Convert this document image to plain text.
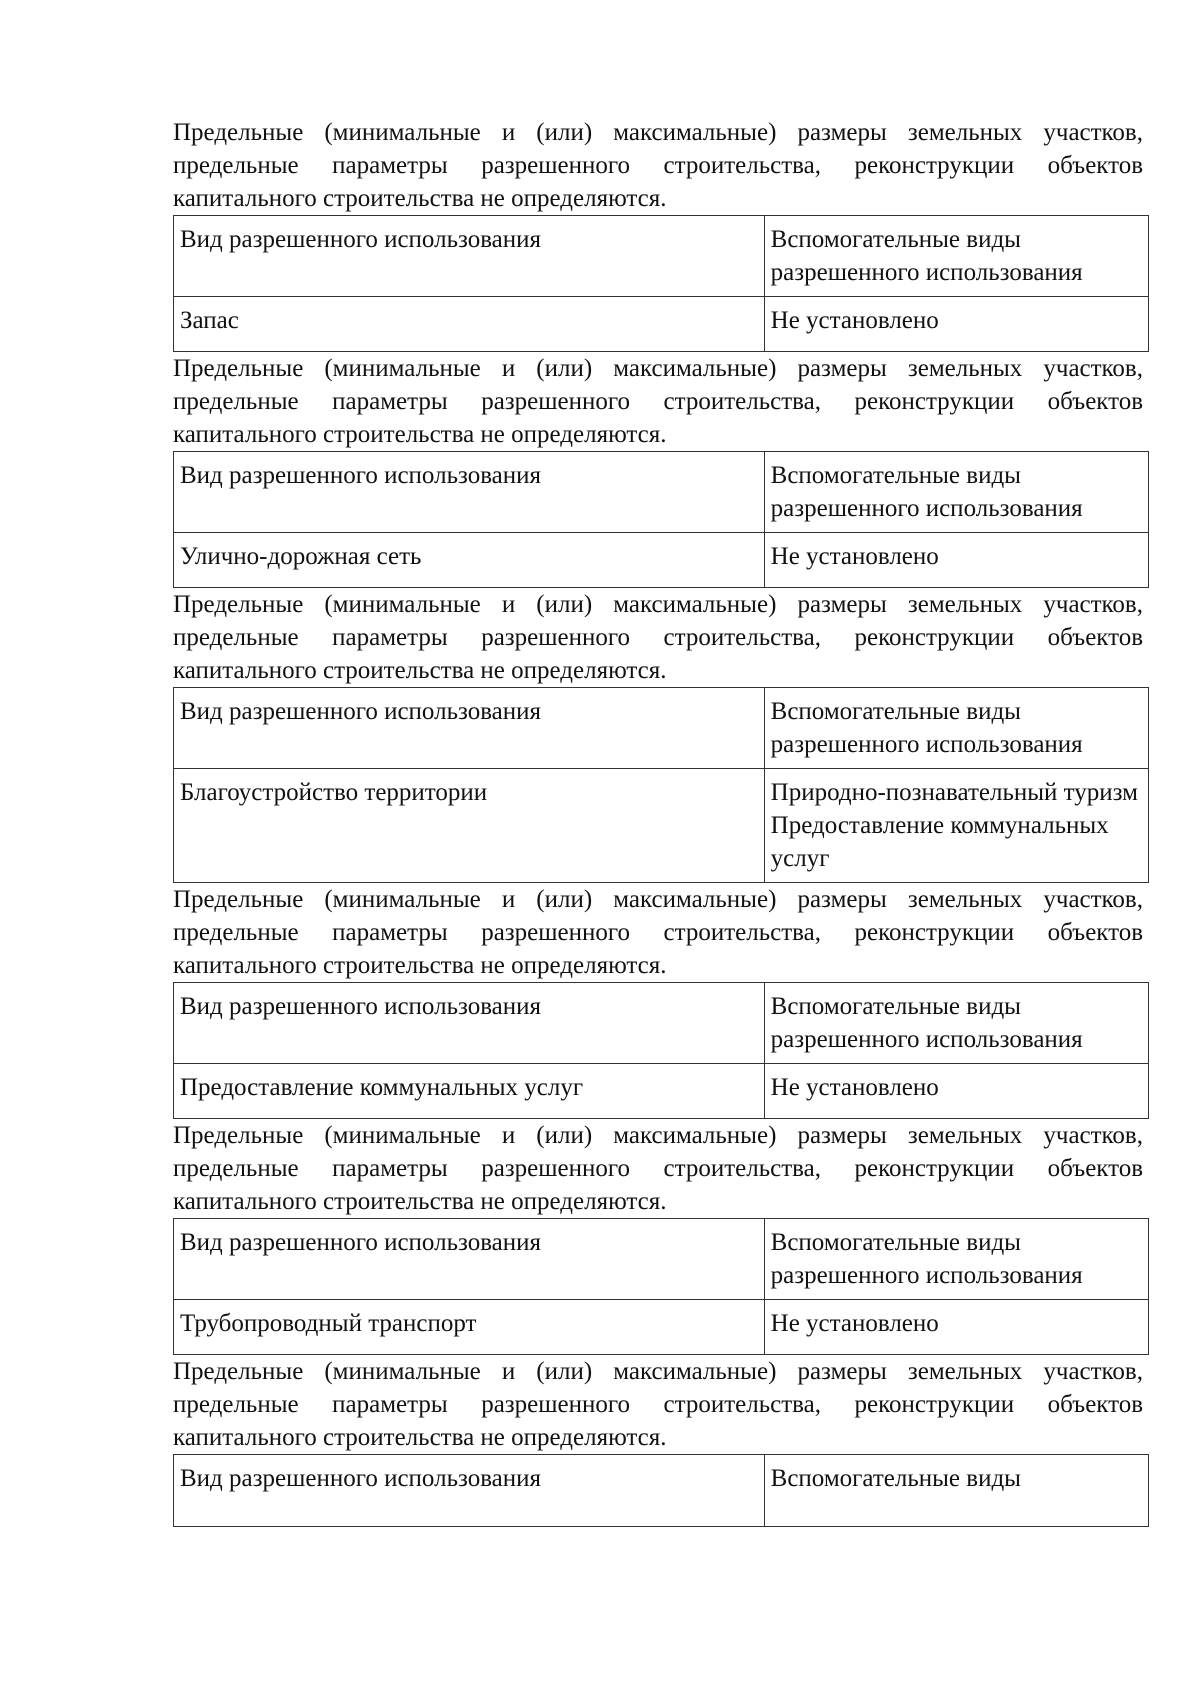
Предельные (минимальные и (или) максимальные) размеры земельных участков, предельные параметры разрешенного строительства, реконструкции объектов капитального строительства не определяются.

Вид разрешенного использования	Вспомогательные виды разрешенного использования
Запас	Не установлено

Предельные (минимальные и (или) максимальные) размеры земельных участков, предельные параметры разрешенного строительства, реконструкции объектов капитального строительства не определяются.

Вид разрешенного использования	Вспомогательные виды разрешенного использования
Улично-дорожная сеть	Не установлено

Предельные (минимальные и (или) максимальные) размеры земельных участков, предельные параметры разрешенного строительства, реконструкции объектов капитального строительства не определяются.

Вид разрешенного использования	Вспомогательные виды разрешенного использования
Благоустройство территории	Природно-познавательный туризм
Предоставление коммунальных услуг

Предельные (минимальные и (или) максимальные) размеры земельных участков, предельные параметры разрешенного строительства, реконструкции объектов капитального строительства не определяются.

Вид разрешенного использования	Вспомогательные виды разрешенного использования
Предоставление коммунальных услуг	Не установлено

Предельные (минимальные и (или) максимальные) размеры земельных участков, предельные параметры разрешенного строительства, реконструкции объектов капитального строительства не определяются.

Вид разрешенного использования	Вспомогательные виды разрешенного использования
Трубопроводный транспорт	Не установлено

Предельные (минимальные и (или) максимальные) размеры земельных участков, предельные параметры разрешенного строительства, реконструкции объектов капитального строительства не определяются.

Вид разрешенного использования	Вспомогательные виды
